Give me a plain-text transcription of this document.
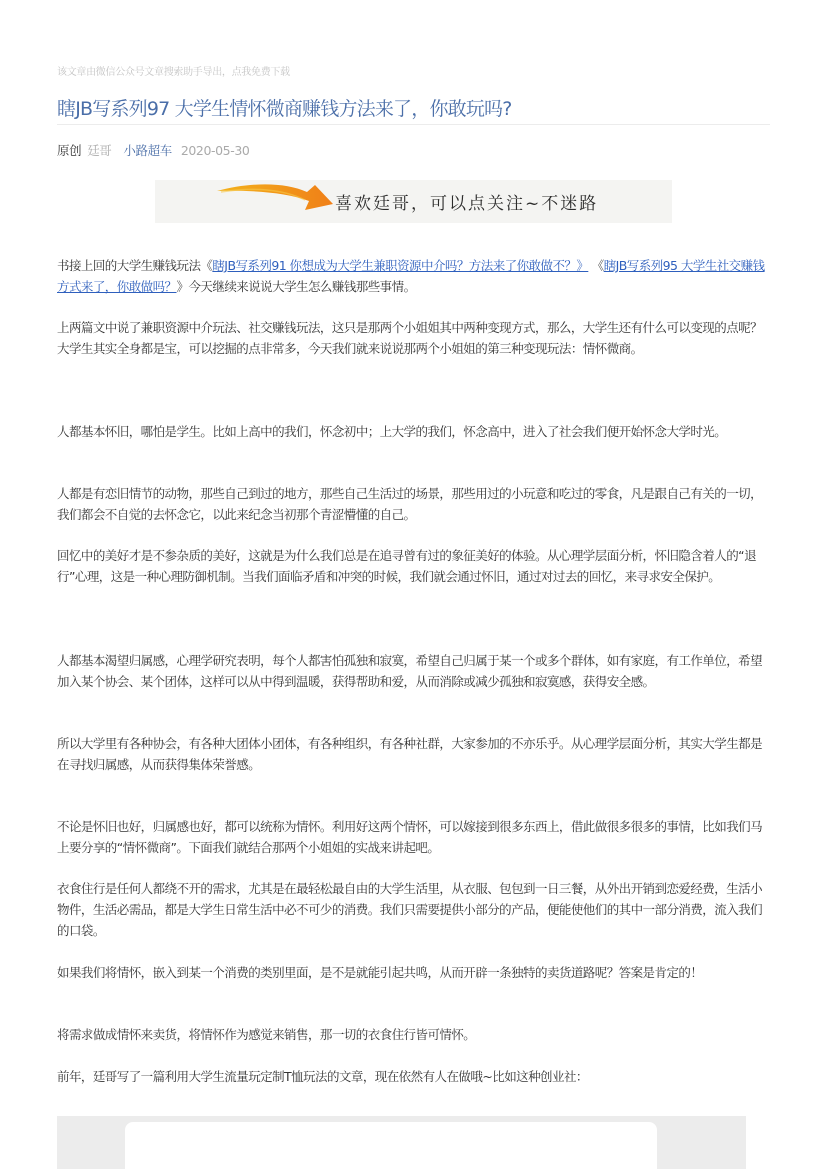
该文章由微信公众号文章搜索助手导出，点我免费下载
瞎JB写系列97 大学生情怀微商赚钱方法来了，你敢玩吗?
原创 廷哥 小路超车 2020-05-30
喜欢廷哥，可以点关注~不迷路

书接上回的大学生赚钱玩法《瞎JB写系列91 你想成为大学生兼职资源中介吗？方法来了你敢做不？》 《瞎JB写系列95 大学生社交赚钱方式来了，你敢做吗？》今天继续来说说大学生怎么赚钱那些事情。

上两篇文中说了兼职资源中介玩法、社交赚钱玩法，这只是那两个小姐姐其中两种变现方式，那么，大学生还有什么可以变现的点呢？大学生其实全身都是宝，可以挖掘的点非常多，今天我们就来说说那两个小姐姐的第三种变现玩法：情怀微商。

人都基本怀旧，哪怕是学生。比如上高中的我们，怀念初中；上大学的我们，怀念高中，进入了社会我们便开始怀念大学时光。

人都是有恋旧情节的动物，那些自己到过的地方，那些自己生活过的场景，那些用过的小玩意和吃过的零食，凡是跟自己有关的一切，我们都会不自觉的去怀念它，以此来纪念当初那个青涩懵懂的自己。

回忆中的美好才是不参杂质的美好，这就是为什么我们总是在追寻曾有过的象征美好的体验。从心理学层面分析，怀旧隐含着人的“退行”心理，这是一种心理防御机制。当我们面临矛盾和冲突的时候，我们就会通过怀旧，通过对过去的回忆，来寻求安全保护。

人都基本渴望归属感，心理学研究表明，每个人都害怕孤独和寂寞，希望自己归属于某一个或多个群体，如有家庭，有工作单位，希望加入某个协会、某个团体，这样可以从中得到温暖，获得帮助和爱，从而消除或减少孤独和寂寞感，获得安全感。

所以大学里有各种协会，有各种大团体小团体，有各种组织，有各种社群，大家参加的不亦乐乎。从心理学层面分析，其实大学生都是在寻找归属感，从而获得集体荣誉感。

不论是怀旧也好，归属感也好，都可以统称为情怀。利用好这两个情怀，可以嫁接到很多东西上，借此做很多很多的事情，比如我们马上要分享的“情怀微商”。下面我们就结合那两个小姐姐的实战来讲起吧。

衣食住行是任何人都绕不开的需求，尤其是在最轻松最自由的大学生活里，从衣服、包包到一日三餐，从外出开销到恋爱经费，生活小物件，生活必需品，都是大学生日常生活中必不可少的消费。我们只需要提供小部分的产品，便能使他们的其中一部分消费，流入我们的口袋。

如果我们将情怀，嵌入到某一个消费的类别里面，是不是就能引起共鸣，从而开辟一条独特的卖货道路呢？答案是肯定的！

将需求做成情怀来卖货，将情怀作为感觉来销售，那一切的衣食住行皆可情怀。

前年，廷哥写了一篇利用大学生流量玩定制T恤玩法的文章，现在依然有人在做哦~比如这种创业社：
